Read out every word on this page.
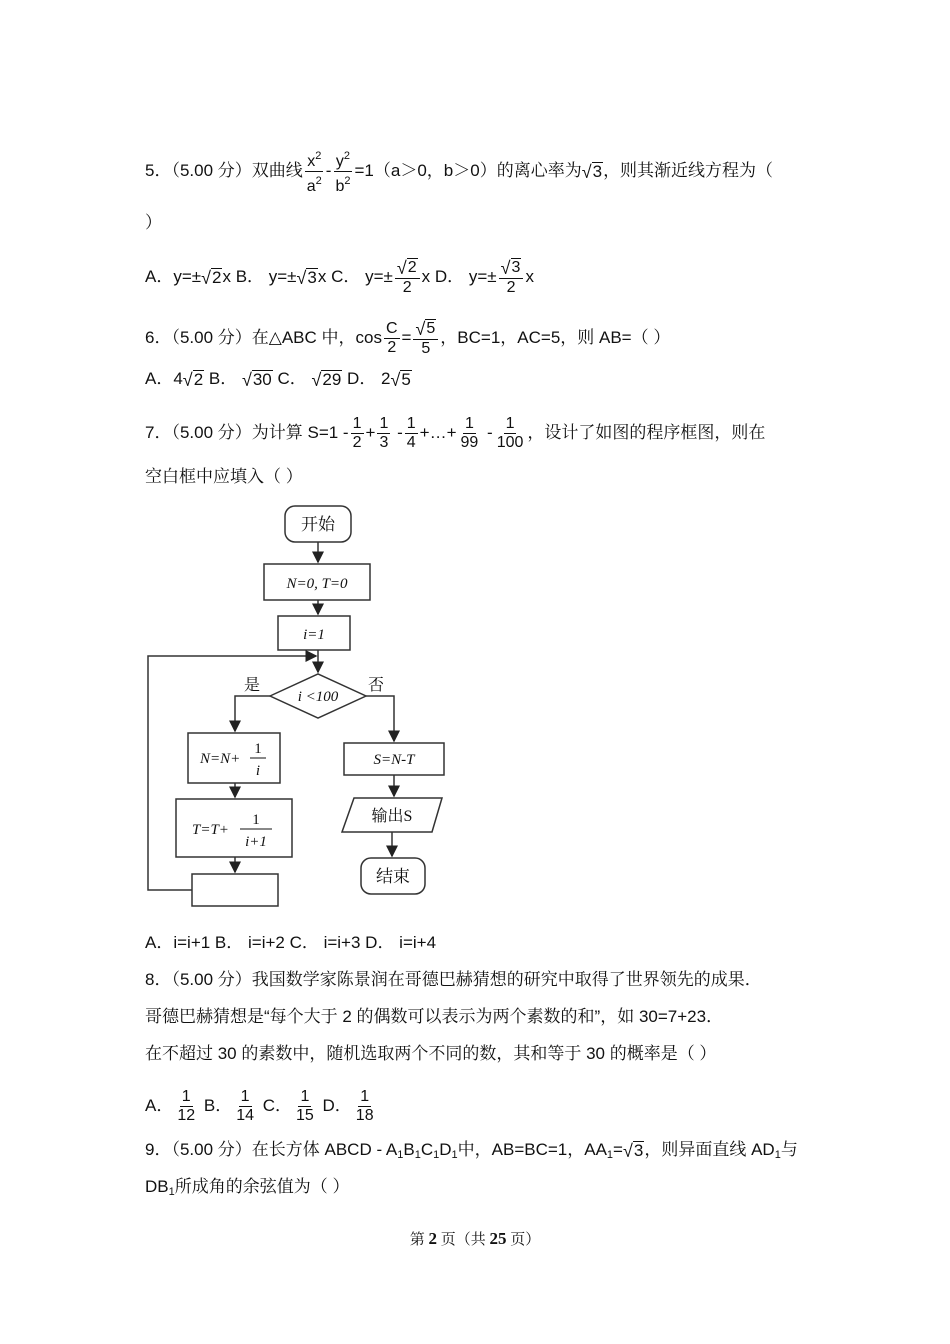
5．（5.00 分）双曲线 $\frac{x^2}{a^2} - \frac{y^2}{b^2} =1(a>0$，b＞0）的离心率为 √ 3 ，则其渐近线方程为（
）
A．y=± √ 2 x B． y=± √ 3 x C． $y=\pm \frac{√ 2}{2}$ x D． $y=\pm \frac{√ 3}{2}$ x
6．（5.00 分）在△ABC 中，$\cos \frac{C}{2} = \frac{√ 5}{5}$ ，BC=1，AC=5，则 AB=（ ）
A．4 √ 2 B． √ 30 C． √ 29 D． 2 √ 5
7．（5.00 分）为计算 $S=1 - \frac{1}{2} + \frac{1}{3} - \frac{1}{4}$ +…+ $\frac{1}{99} - \frac{1}{100}$ ，设计了如图的程序框图，则在
空白框中应填入（ ）
开始
N=0, T=0
i=1
i <100
是	否
N=N+
1
i
T=T+
1
i+1
S=N-T
输出S
结束
A．i=i+1 B． i=i+2 C． i=i+3 D． i=i+4
8．（5.00 分）我国数学家陈景润在哥德巴赫猜想的研究中取得了世界领先的成果．
哥德巴赫猜想是“每个大于 2 的偶数可以表示为两个素数的和”，如 30=7+23．
在不超过 30 的素数中，随机选取两个不同的数，其和等于 30 的概率是（ ）
A． $\frac{1}{12}$ B． $\frac{1}{14}$ C． $\frac{1}{15}$ D． $\frac{1}{18}$
9．（5.00 分）在长方体 ABCD - $A_1B_1C_1D_1$中，AB=BC=1，$AA_1=$ √ 3 ，则异面直线 $AD_1$与
$DB_1$所成角的余弦值为（ ）
第 2 页（共 25 页）
